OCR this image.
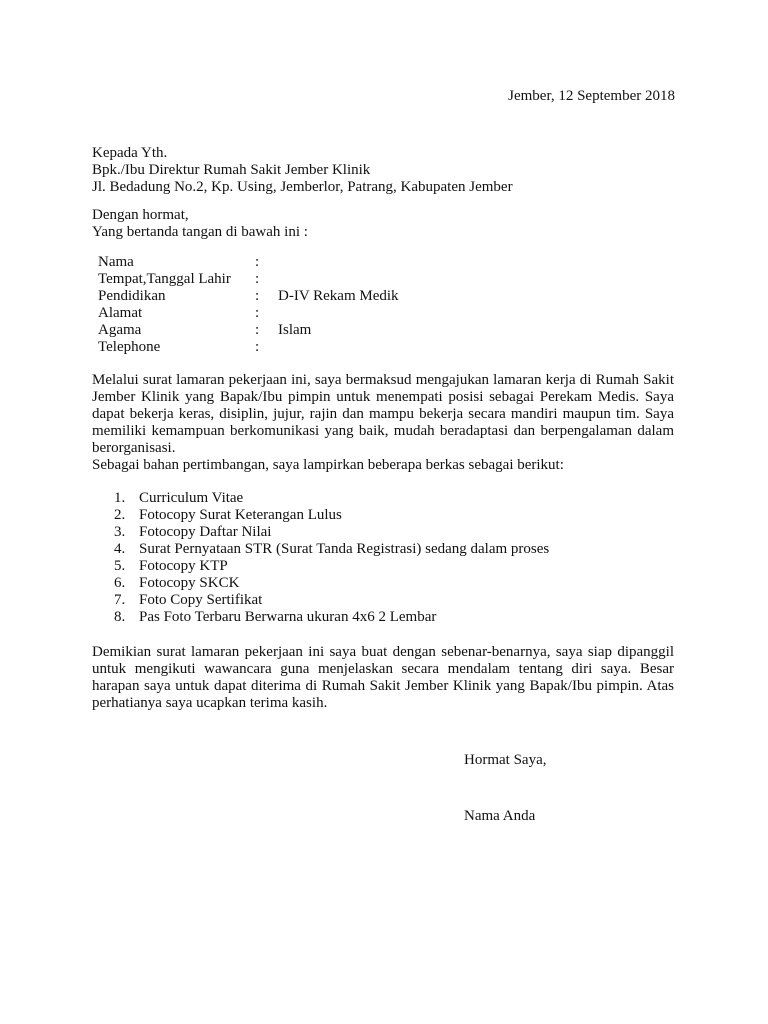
Jember, 12 September 2018
Kepada Yth.
Bpk./Ibu Direktur Rumah Sakit Jember Klinik
Jl. Bedadung No.2, Kp. Using, Jemberlor, Patrang, Kabupaten Jember
Dengan hormat,
Yang bertanda tangan di bawah ini :
Nama	:
Tempat,Tanggal Lahir	:
Pendidikan	:	D-IV Rekam Medik
Alamat	:
Agama	:	Islam
Telephone	:

Melalui surat lamaran pekerjaan ini, saya bermaksud mengajukan lamaran kerja di Rumah Sakit Jember Klinik yang Bapak/Ibu pimpin untuk menempati posisi sebagai Perekam Medis. Saya dapat bekerja keras, disiplin, jujur, rajin dan mampu bekerja secara mandiri maupun tim. Saya memiliki kemampuan berkomunikasi yang baik, mudah beradaptasi dan berpengalaman dalam berorganisasi.

Sebagai bahan pertimbangan, saya lampirkan beberapa berkas sebagai berikut:

1. Curriculum Vitae
2. Fotocopy Surat Keterangan Lulus
3. Fotocopy Daftar Nilai
4. Surat Pernyataan STR (Surat Tanda Registrasi) sedang dalam proses
5. Fotocopy KTP
6. Fotocopy SKCK
7. Foto Copy Sertifikat
8. Pas Foto Terbaru Berwarna ukuran 4x6 2 Lembar

Demikian surat lamaran pekerjaan ini saya buat dengan sebenar-benarnya, saya siap dipanggil untuk mengikuti wawancara guna menjelaskan secara mendalam tentang diri saya. Besar harapan saya untuk dapat diterima di Rumah Sakit Jember Klinik yang Bapak/Ibu pimpin. Atas perhatianya saya ucapkan terima kasih.

Hormat Saya,
Nama Anda
